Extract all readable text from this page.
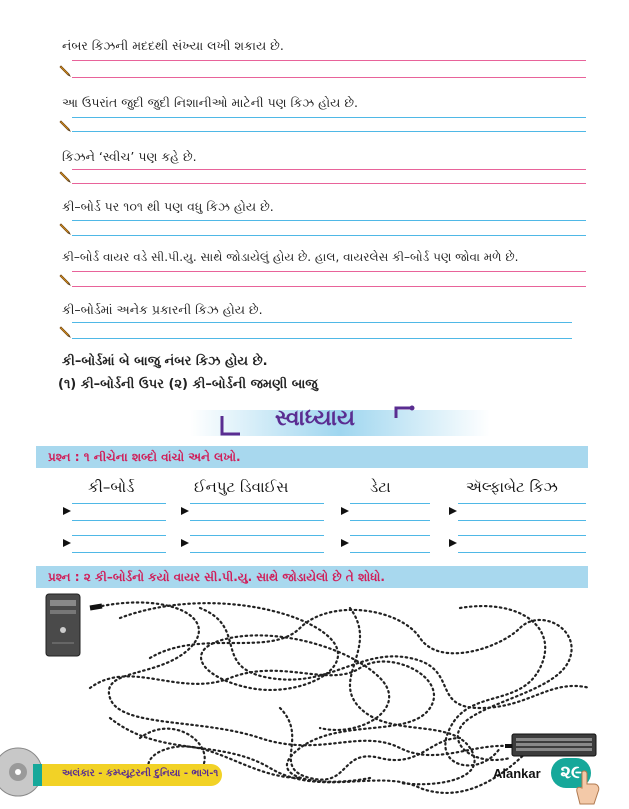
નંબર કિઝની મદદથી સંખ્યા લખી શકાય છે.
આ ઉપરાંત જુદી જુદી નિશાનીઓ માટેની પણ કિઝ હોય છે.
કિઝને ‘સ્વીચ’ પણ કહે છે.
કી–બોર્ડ પર ૧૦૧ થી પણ વધુ કિઝ હોય છે.
કી–બોર્ડ વાયર વડે સી.પી.યુ. સાથે જોડાયેલું હોય છે. હાલ, વાયરલેસ કી–બોર્ડ પણ જોવા મળે છે.
કી–બોર્ડમાં અનેક પ્રકારની કિઝ હોય છે.
કી–બોર્ડમાં બે બાજુ નંબર કિઝ હોય છે.
(૧) કી–બોર્ડની ઉપર (૨) કી–બોર્ડની જમણી બાજુ
સ્વાધ્યાય
પ્રશ્ન : ૧ નીચેના શબ્દો વાંચો અને લખો.
કી–બોર્ડ	ઈનપુટ ડિવાઈસ	ડેટા	ઍલ્ફાબેટ કિઝ
પ્રશ્ન : ૨ કી–બોર્ડનો કયો વાયર સી.પી.યુ. સાથે જોડાયેલો છે તે શોધો.
અલંકાર - કમ્પ્યૂટરની દુનિયા - ભાગ-૧	Alankar	૨૯
